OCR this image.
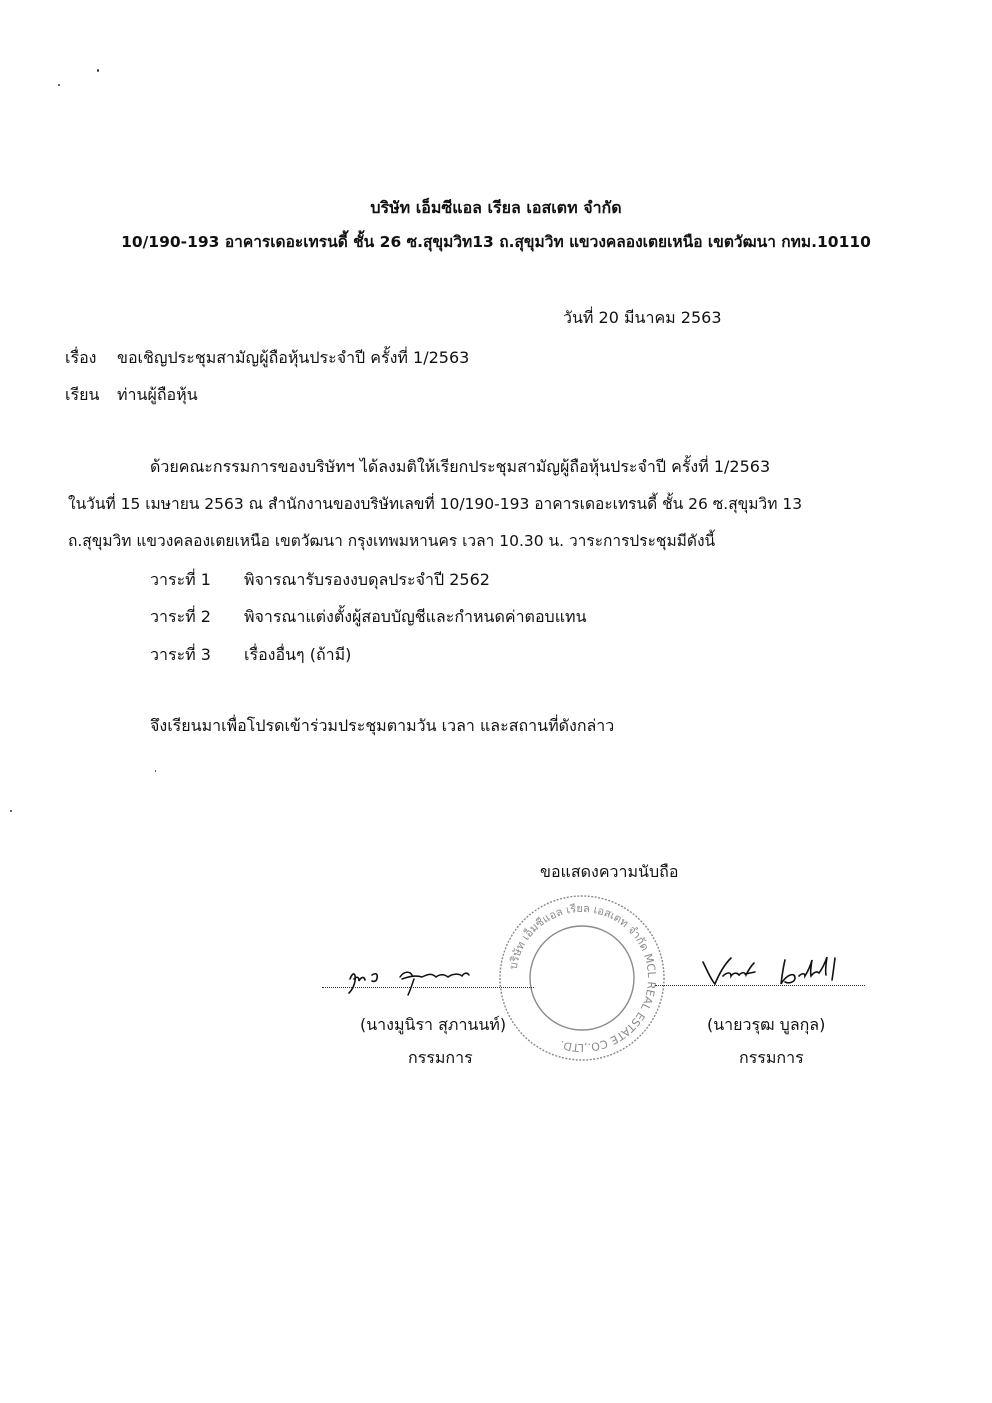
บริษัท เอ็มซีแอล เรียล เอสเตท จำกัด
10/190-193 อาคารเดอะเทรนดี้ ชั้น 26 ซ.สุขุมวิท13 ถ.สุขุมวิท แขวงคลองเตยเหนือ เขตวัฒนา กทม.10110
วันที่ 20 มีนาคม 2563
เรื่อง ขอเชิญประชุมสามัญผู้ถือหุ้นประจำปี ครั้งที่ 1/2563
เรียน ท่านผู้ถือหุ้น
ด้วยคณะกรรมการของบริษัทฯ ได้ลงมติให้เรียกประชุมสามัญผู้ถือหุ้นประจำปี ครั้งที่ 1/2563
ในวันที่ 15 เมษายน 2563 ณ สำนักงานของบริษัทเลขที่ 10/190-193 อาคารเดอะเทรนดี้ ชั้น 26 ซ.สุขุมวิท 13
ถ.สุขุมวิท แขวงคลองเตยเหนือ เขตวัฒนา กรุงเทพมหานคร เวลา 10.30 น. วาระการประชุมมีดังนี้
วาระที่ 1 พิจารณารับรองงบดุลประจำปี 2562
วาระที่ 2 พิจารณาแต่งตั้งผู้สอบบัญชีและกำหนดค่าตอบแทน
วาระที่ 3 เรื่องอื่นๆ (ถ้ามี)
จึงเรียนมาเพื่อโปรดเข้าร่วมประชุมตามวัน เวลา และสถานที่ดังกล่าว
ขอแสดงความนับถือ
บริษัท เอ็มซีแอล เรียล เอสเตท จำกัด MCL REAL ESTATE CO.,LTD.
(นางมูนิรา สุภานนท์)
กรรมการ
(นายวรุฒ บูลกุล)
กรรมการ
